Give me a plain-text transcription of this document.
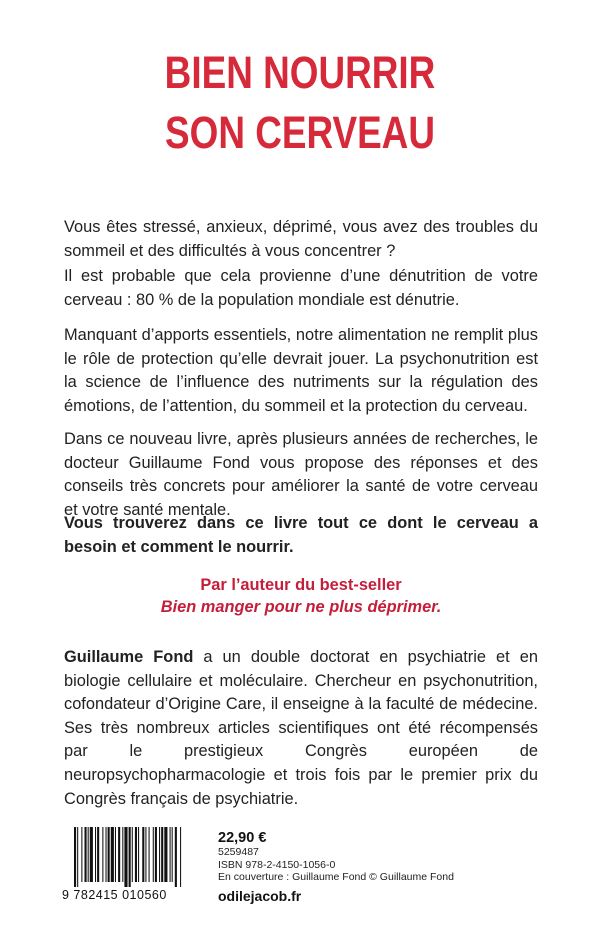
BIEN NOURRIR
SON CERVEAU

Vous êtes stressé, anxieux, déprimé, vous avez des troubles du sommeil et des difficultés à vous concentrer ?

Il est probable que cela provienne d’une dénutrition de votre cerveau : 80 % de la population mondiale est dénutrie.

Manquant d’apports essentiels, notre alimentation ne remplit plus le rôle de protection qu’elle devrait jouer. La psychonutrition est la science de l’influence des nutriments sur la régulation des émotions, de l’attention, du sommeil et la protection du cerveau.

Dans ce nouveau livre, après plusieurs années de recherches, le docteur Guillaume Fond vous propose des réponses et des conseils très concrets pour améliorer la santé de votre cerveau et votre santé mentale.

Vous trouverez dans ce livre tout ce dont le cerveau a besoin et comment le nourrir.

Par l’auteur du best-seller
Bien manger pour ne plus déprimer.

Guillaume Fond a un double doctorat en psychiatrie et en biologie cellulaire et moléculaire. Chercheur en psychonutrition, cofondateur d’Origine Care, il enseigne à la faculté de médecine. Ses très nombreux articles scientifiques ont été récompensés par le prestigieux Congrès européen de neuropsychopharmacologie et trois fois par le premier prix du Congrès français de psychiatrie.

9 782415 010560
22,90 €
5259487
ISBN 978-2-4150-1056-0
En couverture : Guillaume Fond © Guillaume Fond
odilejacob.fr
